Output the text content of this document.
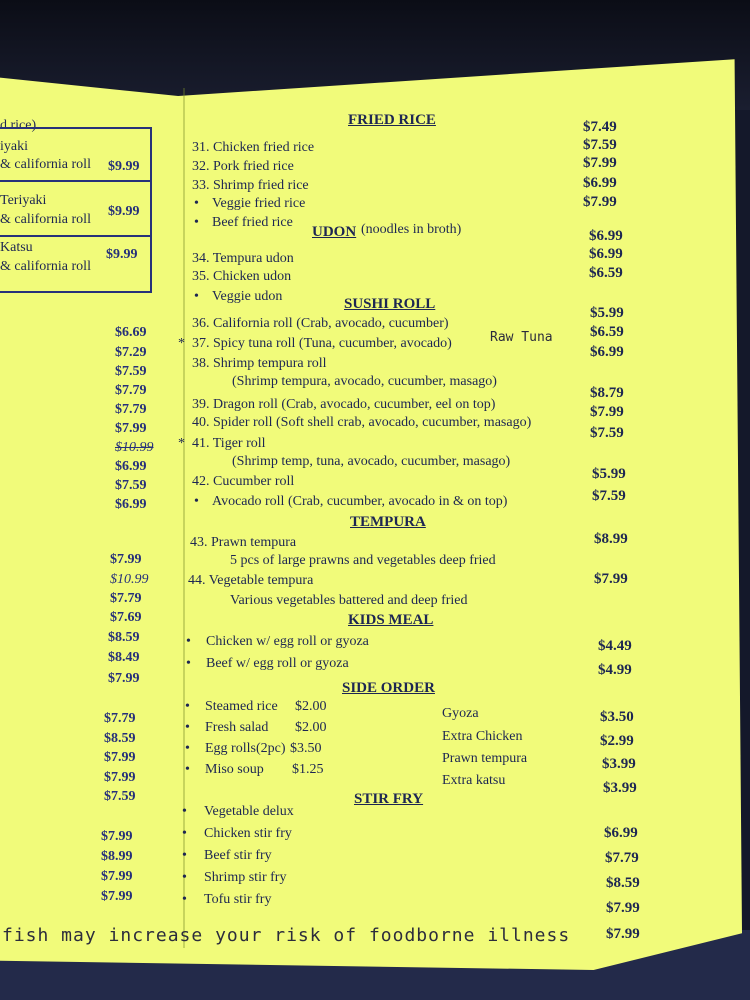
d rice)
iyaki
& california roll $9.99
Teriyaki
& california roll
$9.99
Katsu
& california roll
$9.99
$6.69
$7.29
$7.59
$7.79
$7.79
$7.99
$10.99
$6.99
$7.59
$6.99
$7.99
$10.99
$7.79
$7.69
$8.59
$8.49
$7.99
$7.79
$8.59
$7.99
$7.99
$7.59
$7.99
$8.99
$7.99
$7.99
FRIED RICE
31. Chicken fried rice
32. Pork fried rice
33. Shrimp fried rice
• Veggie fried rice
• Beef fried rice
$7.49
$7.59
$7.99
$6.99
$7.99
UDON (noodles in broth)
34. Tempura udon
35. Chicken udon
• Veggie udon
$6.99
$6.99
$6.59
SUSHI ROLL
36. California roll (Crab, avocado, cucumber)
* 37. Spicy tuna roll (Tuna, cucumber, avocado)	Raw Tuna
38. Shrimp tempura roll
(Shrimp tempura, avocado, cucumber, masago)
39. Dragon roll (Crab, avocado, cucumber, eel on top)
40. Spider roll (Soft shell crab, avocado, cucumber, masago)
* 41. Tiger roll
(Shrimp temp, tuna, avocado, cucumber, masago)
42. Cucumber roll
• Avocado roll (Crab, cucumber, avocado in & on top)
$5.99
$6.59
$6.99
$8.79
$7.99
$7.59
$5.99
$7.59
TEMPURA
43. Prawn tempura
5 pcs of large prawns and vegetables deep fried
44. Vegetable tempura
Various vegetables battered and deep fried
$8.99
$7.99
KIDS MEAL
• Chicken w/ egg roll or gyoza
• Beef w/ egg roll or gyoza
$4.49
$4.99
SIDE ORDER
• Steamed rice $2.00
• Fresh salad $2.00
• Egg rolls(2pc) $3.50
• Miso soup $1.25
Gyoza
Extra Chicken
Prawn tempura
Extra katsu
$3.50
$2.99
$3.99
$3.99
STIR FRY
• Vegetable delux
• Chicken stir fry
• Beef stir fry
• Shrimp stir fry
• Tofu stir fry
$6.99
$7.79
$8.59
$7.99
$7.99
fish may increase your risk of foodborne illness
